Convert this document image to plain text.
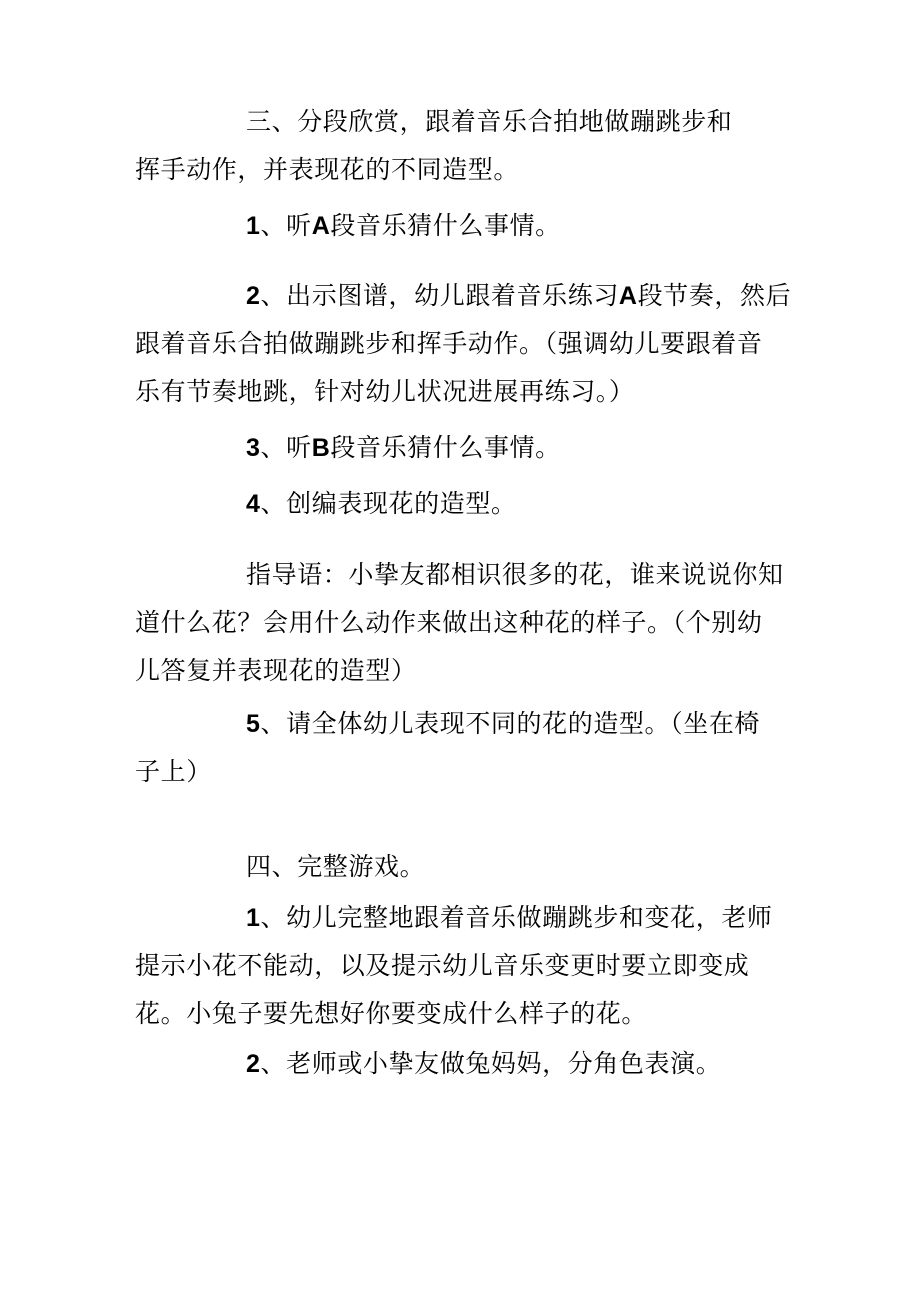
三、分段欣赏，跟着音乐合拍地做蹦跳步和
挥手动作，并表现花的不同造型。
1、听A段音乐猜什么事情。
2、出示图谱，幼儿跟着音乐练习A段节奏，然后
跟着音乐合拍做蹦跳步和挥手动作。（强调幼儿要跟着音
乐有节奏地跳，针对幼儿状况进展再练习。）
3、听B段音乐猜什么事情。
4、创编表现花的造型。
指导语：小挚友都相识很多的花，谁来说说你知
道什么花？会用什么动作来做出这种花的样子。（个别幼
儿答复并表现花的造型）
5、请全体幼儿表现不同的花的造型。（坐在椅
子上）
四、完整游戏。
1、幼儿完整地跟着音乐做蹦跳步和变花，老师
提示小花不能动，以及提示幼儿音乐变更时要立即变成
花。小兔子要先想好你要变成什么样子的花。
2、老师或小挚友做兔妈妈，分角色表演。
